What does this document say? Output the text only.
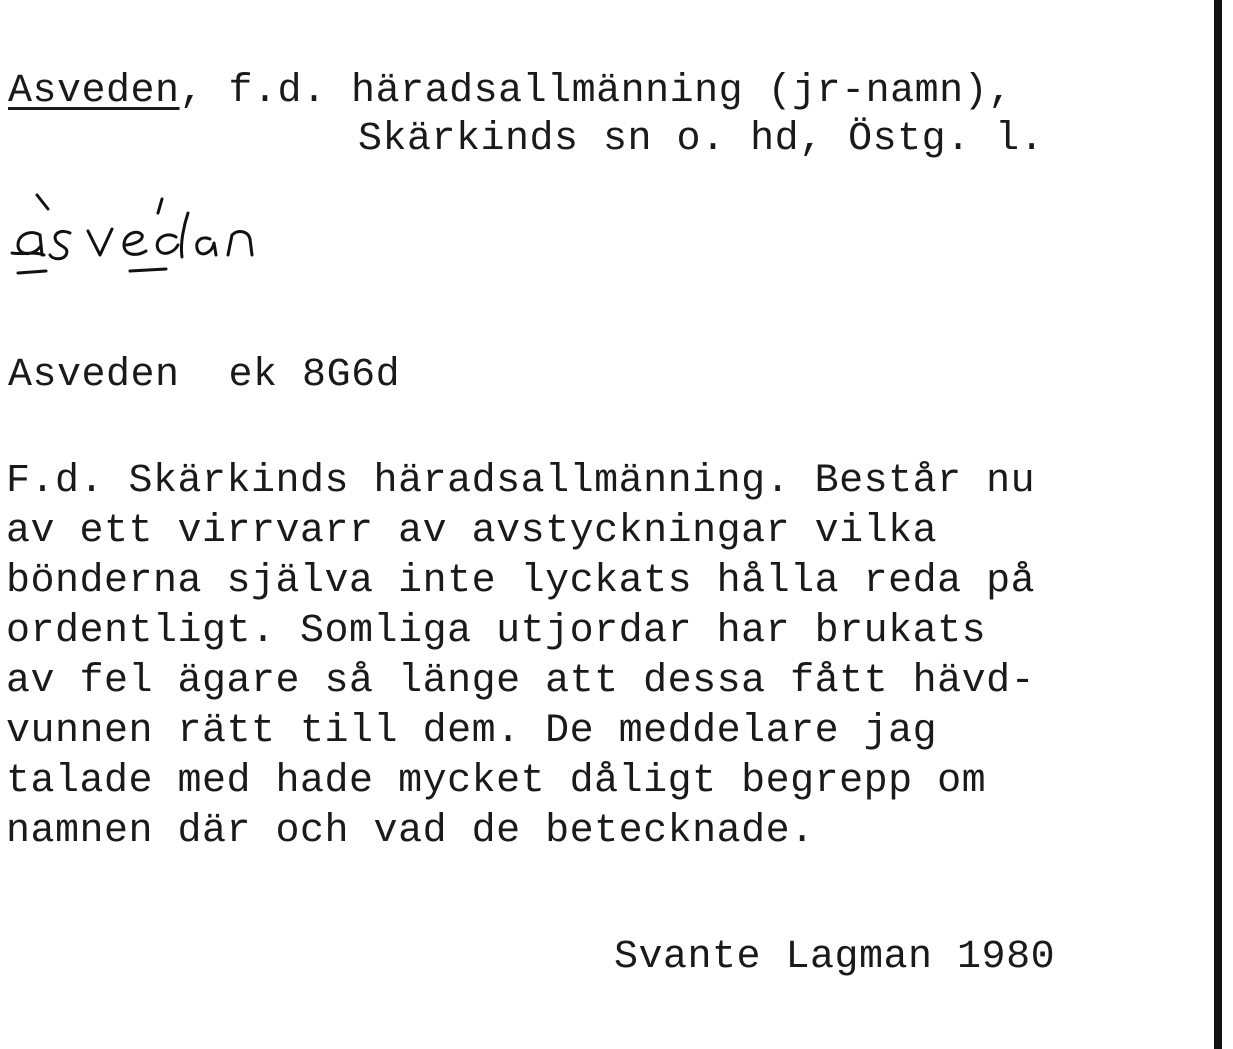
Asveden, f.d. häradsallmänning (jr-namn),
Skärkinds sn o. hd, Östg. l.
Asveden ek 8G6d
F.d. Skärkinds häradsallmänning. Består nu
av ett virrvarr av avstyckningar vilka
bönderna själva inte lyckats hålla reda på
ordentligt. Somliga utjordar har brukats
av fel ägare så länge att dessa fått hävd-
vunnen rätt till dem. De meddelare jag
talade med hade mycket dåligt begrepp om
namnen där och vad de betecknade.
Svante Lagman 1980
